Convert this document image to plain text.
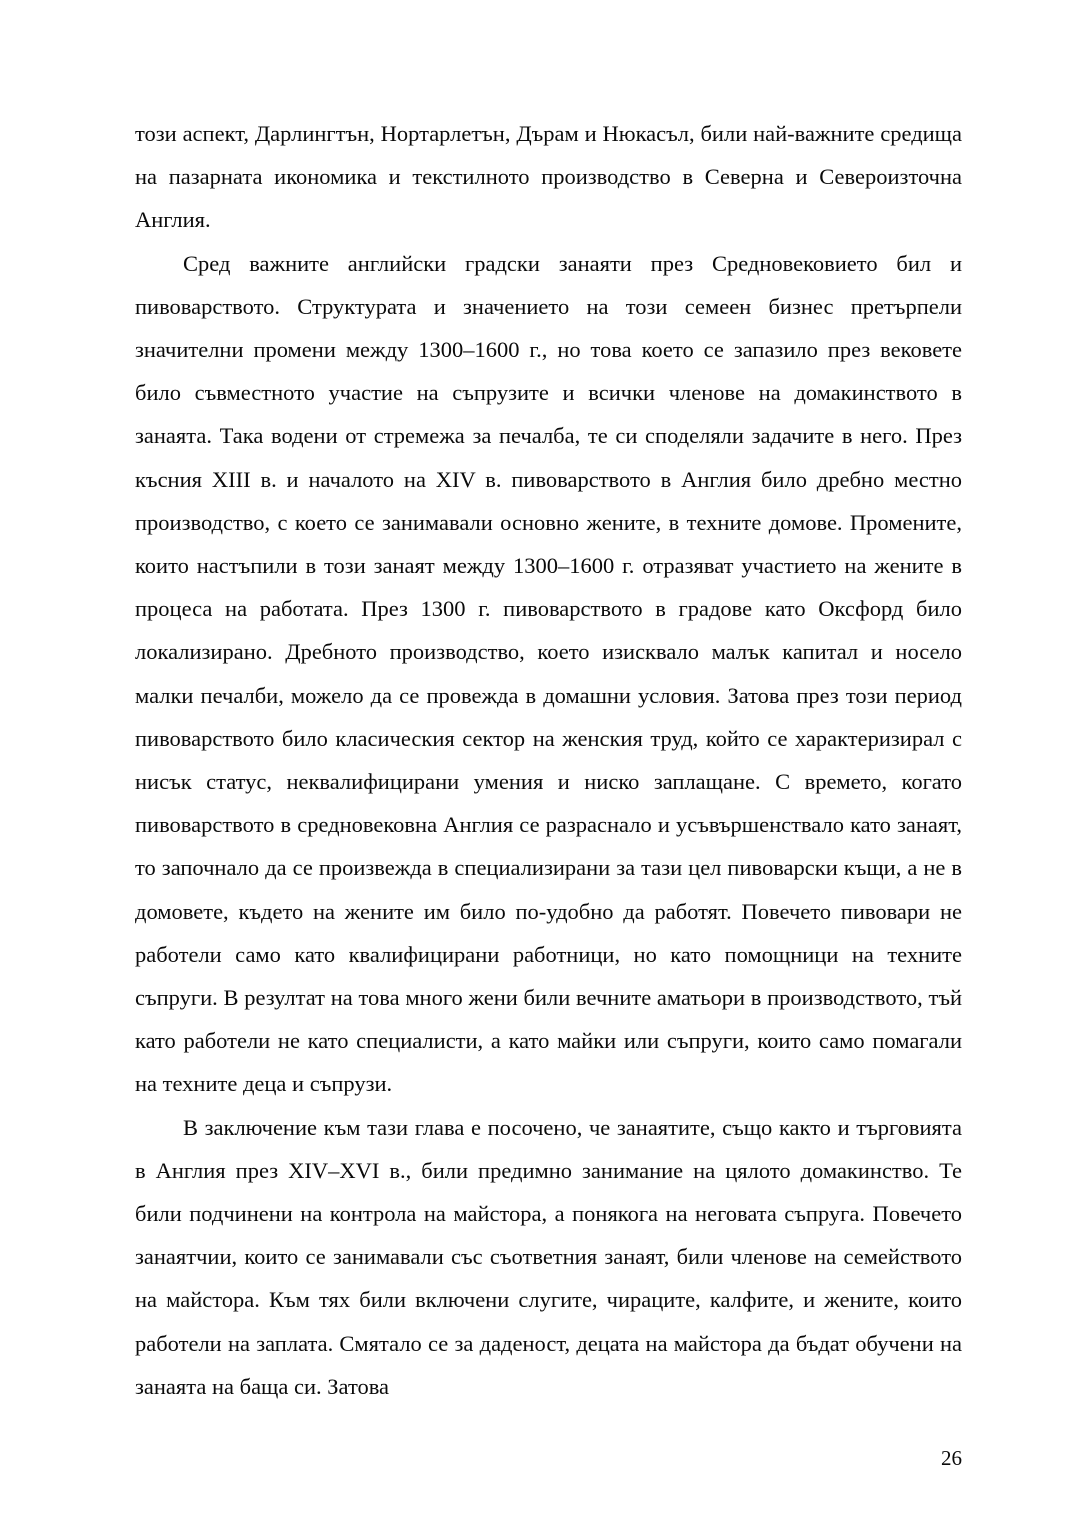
този аспект, Дарлингтън, Нортарлетън, Дърам и Нюкасъл, били най-важните средища на пазарната икономика и текстилното производство в Северна и Североизточна Англия.

Сред важните английски градски занаяти през Средновековието бил и пивоварството. Структурата и значението на този семеен бизнес претърпели значителни промени между 1300–1600 г., но това което се запазило през вековете било съвместното участие на съпрузите и всички членове на домакинството в занаята. Така водени от стремежа за печалба, те си споделяли задачите в него. През късния XIII в. и началото на XIV в. пивоварството в Англия било дребно местно производство, с което се занимавали основно жените, в техните домове. Промените, които настъпили в този занаят между 1300–1600 г. отразяват участието на жените в процеса на работата. През 1300 г. пивоварството в градове като Оксфорд било локализирано. Дребното производство, което изисквало малък капитал и носело малки печалби, можело да се провежда в домашни условия. Затова през този период пивоварството било класическия сектор на женския труд, който се характеризирал с нисък статус, неквалифицирани умения и ниско заплащане. С времето, когато пивоварството в средновековна Англия се разраснало и усъвършенствало като занаят, то започнало да се произвежда в специализирани за тази цел пивоварски къщи, а не в домовете, където на жените им било по-удобно да работят. Повечето пивовари не работели само като квалифицирани работници, но като помощници на техните съпруги. В резултат на това много жени били вечните аматьори в производството, тъй като работели не като специалисти, а като майки или съпруги, които само помагали на техните деца и съпрузи.

В заключение към тази глава е посочено, че занаятите, също както и търговията в Англия през XIV–XVI в., били предимно занимание на цялото домакинство. Те били подчинени на контрола на майстора, а понякога на неговата съпруга. Повечето занаятчии, които се занимавали със съответния занаят, били членове на семейството на майстора. Към тях били включени слугите, чираците, калфите, и жените, които работели на заплата. Смятало се за даденост, децата на майстора да бъдат обучени на занаята на баща си. Затова

26
